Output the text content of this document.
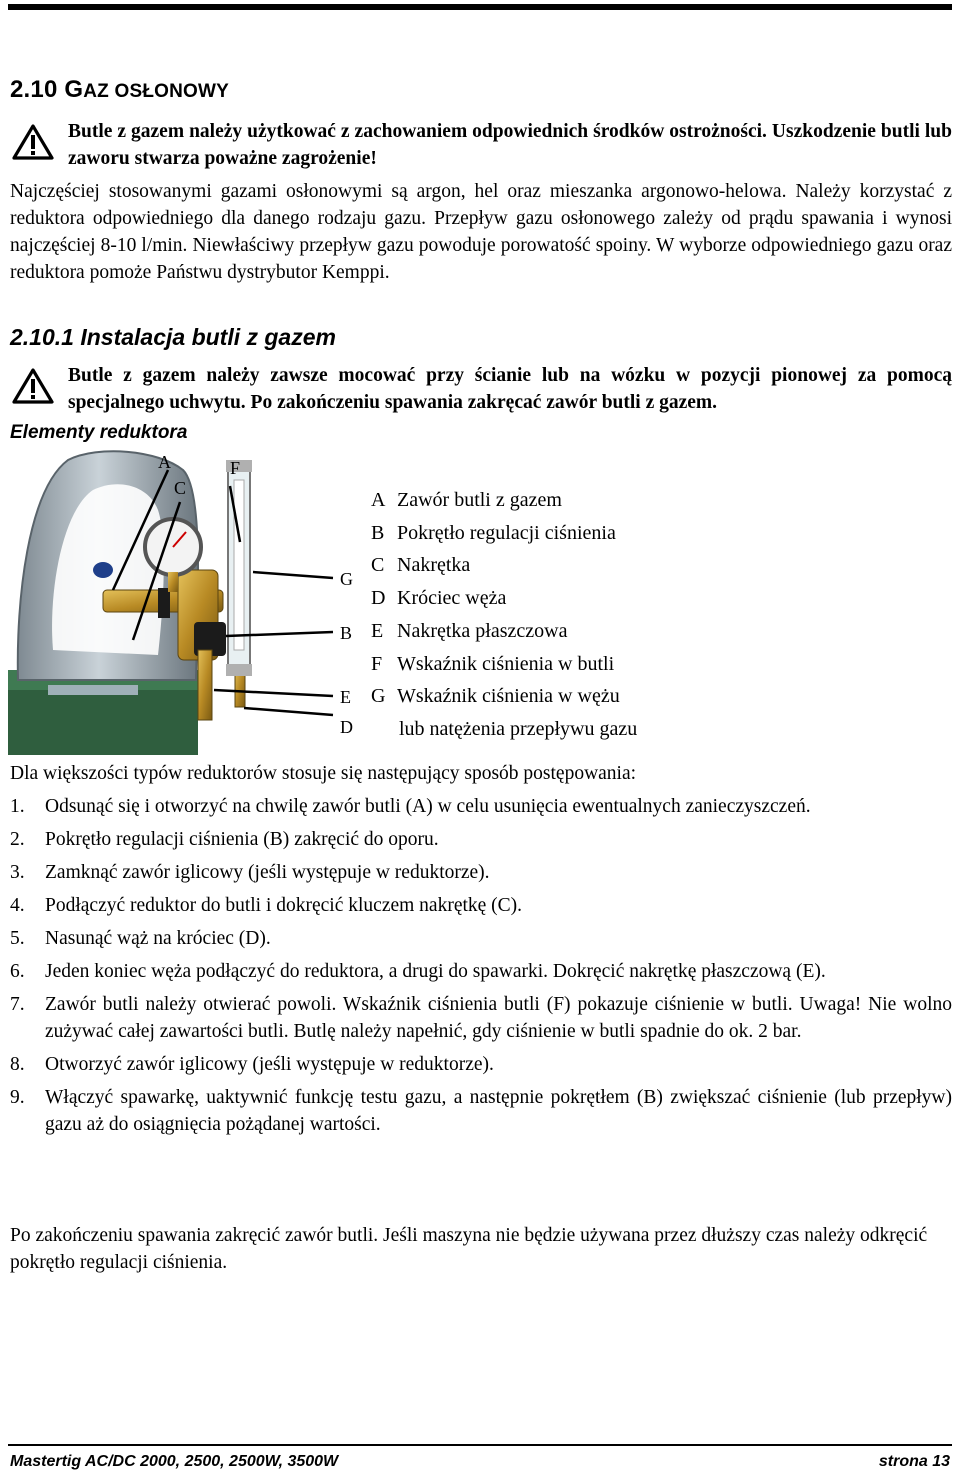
2.10 GAZ OSŁONOWY

Butle z gazem należy użytkować z zachowaniem odpowiednich środków ostrożności. Uszkodzenie butli lub zaworu stwarza poważne zagrożenie!

Najczęściej stosowanymi gazami osłonowymi są argon, hel oraz mieszanka argonowo-helowa. Należy korzystać z reduktora odpowiedniego dla danego rodzaju gazu. Przepływ gazu osłonowego zależy od prądu spawania i wynosi najczęściej 8-10 l/min. Niewłaściwy przepływ gazu powoduje porowatość spoiny. W wyborze odpowiedniego gazu oraz reduktora pomoże Państwu dystrybutor Kemppi.

2.10.1 Instalacja butli z gazem

Butle z gazem należy zawsze mocować przy ścianie lub na wózku w pozycji pionowej za pomocą specjalnego uchwytu. Po zakończeniu spawania zakręcać zawór butli z gazem.

Elementy reduktora
A
C
F
G
B
E
D
A Zawór butli z gazem
B Pokrętło regulacji ciśnienia
C Nakrętka
D Króciec węża
E Nakrętka płaszczowa
F Wskaźnik ciśnienia w butli
G Wskaźnik ciśnienia w wężu
lub natężenia przepływu gazu

Dla większości typów reduktorów stosuje się następujący sposób postępowania:

1.	Odsunąć się i otworzyć na chwilę zawór butli (A) w celu usunięcia ewentualnych zanieczyszczeń.
2.	Pokrętło regulacji ciśnienia (B) zakręcić do oporu.
3.	Zamknąć zawór iglicowy (jeśli występuje w reduktorze).
4.	Podłączyć reduktor do butli i dokręcić kluczem nakrętkę (C).
5.	Nasunąć wąż na króciec (D).
6.	Jeden koniec węża podłączyć do reduktora, a drugi do spawarki. Dokręcić nakrętkę płaszczową (E).
7.	Zawór butli należy otwierać powoli. Wskaźnik ciśnienia butli (F) pokazuje ciśnienie w butli. Uwaga! Nie wolno zużywać całej zawartości butli. Butlę należy napełnić, gdy ciśnienie w butli spadnie do ok. 2 bar.
8.	Otworzyć zawór iglicowy (jeśli występuje w reduktorze).
9.	Włączyć spawarkę, uaktywnić funkcję testu gazu, a następnie pokrętłem (B) zwiększać ciśnienie (lub przepływ) gazu aż do osiągnięcia pożądanej wartości.

Po zakończeniu spawania zakręcić zawór butli. Jeśli maszyna nie będzie używana przez dłuższy czas należy odkręcić pokrętło regulacji ciśnienia.

Mastertig AC/DC 2000, 2500, 2500W, 3500W	strona 13
